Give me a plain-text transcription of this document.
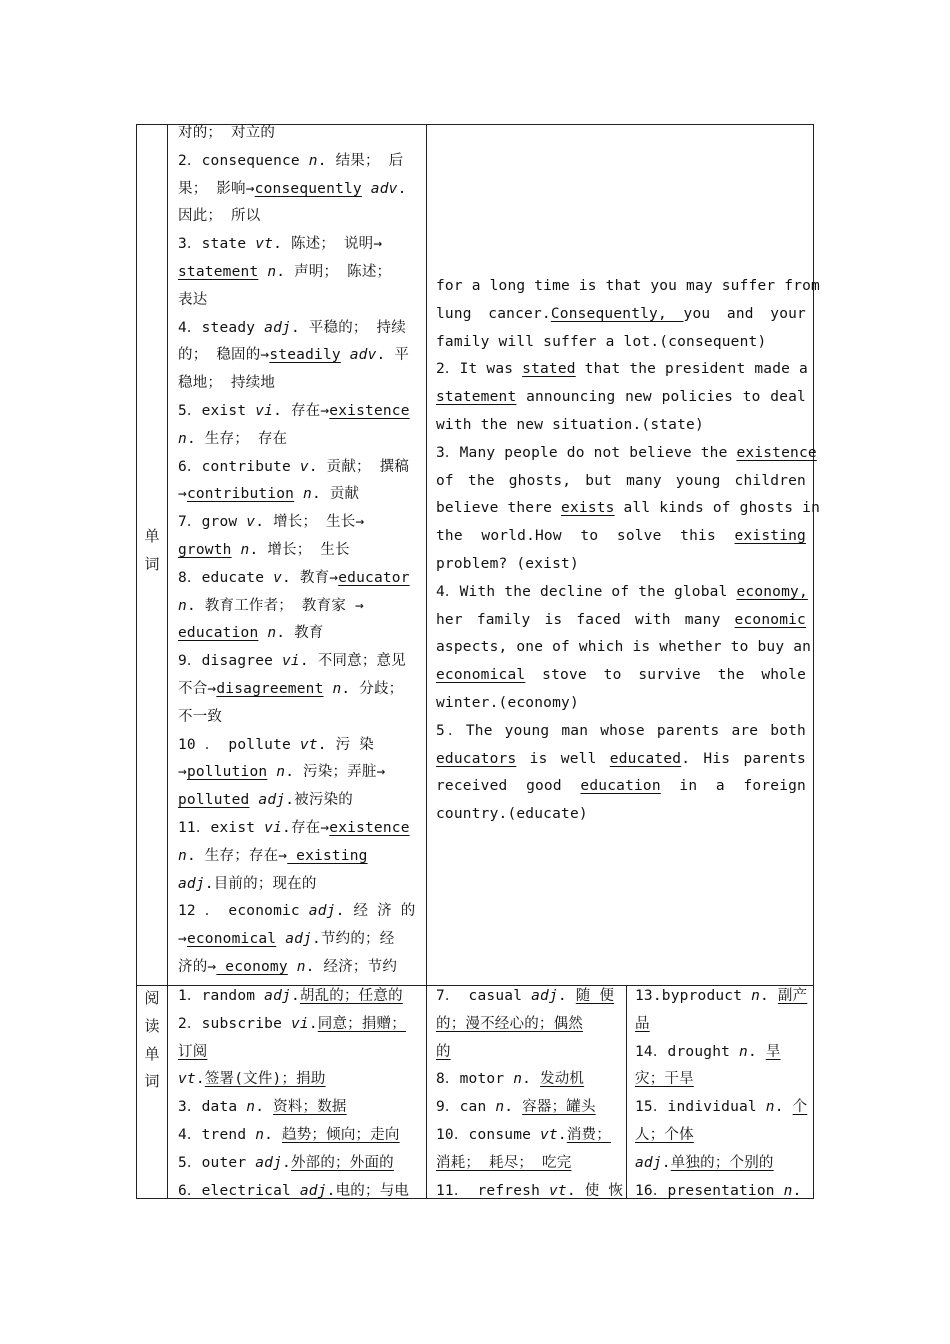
单
词
阅
读
单
词

对的； 对立的

2．consequence n. 结果； 后

果； 影响→consequently adv.

因此； 所以

3．state vt. 陈述； 说明→

statement n. 声明； 陈述；

表达

4．steady adj. 平稳的； 持续

的； 稳固的→steadily adv. 平

稳地； 持续地

5．exist vi. 存在→existence

n. 生存； 存在

6．contribute v. 贡献； 撰稿

→contribution n. 贡献

7．grow v. 增长； 生长→

growth n. 增长； 生长

8．educate v. 教育→educator

n. 教育工作者； 教育家 →

education n. 教育

9．disagree vi. 不同意；意见

不合→disagreement n. 分歧；

不一致

10 ． pollute vt. 污 染

→pollution n. 污染；弄脏→

polluted adj.被污染的

11．exist vi.存在→existence

n. 生存；存在→ existing

adj.目前的；现在的

12 ． economic adj. 经 济 的

→economical adj.节约的；经

济的→ economy n. 经济；节约

for a long time is that you may suffer from

lung cancer.Consequently, you and your

family will suffer a lot.(consequent)

2．It was stated that the president made a

statement announcing new policies to deal

with the new situation.(state)

3．Many people do not believe the existence

of the ghosts, but many young children

believe there exists all kinds of ghosts in

the world.How to solve this existing

problem? (exist)

4．With the decline of the global economy,

her family is faced with many economic

aspects, one of which is whether to buy an

economical stove to survive the whole

winter.(economy)

5．The young man whose parents are both

educators is well educated. His parents

received good education in a foreign

country.(educate)

1．random adj.胡乱的；任意的

2．subscribe vi.同意；捐赠；

订阅

vt.签署(文件)；捐助

3．data n. 资料；数据

4．trend n. 趋势；倾向；走向

5．outer adj.外部的；外面的

6．electrical adj.电的；与电

7． casual adj. 随 便

的；漫不经心的；偶然

的

8．motor n. 发动机

9．can n. 容器；罐头

10．consume vt.消费；

消耗； 耗尽； 吃完

11． refresh vt. 使 恢

13.byproduct n. 副产

品

14．drought n. 旱

灾；干旱

15．individual n. 个

人；个体

adj.单独的；个别的

16．presentation n.
